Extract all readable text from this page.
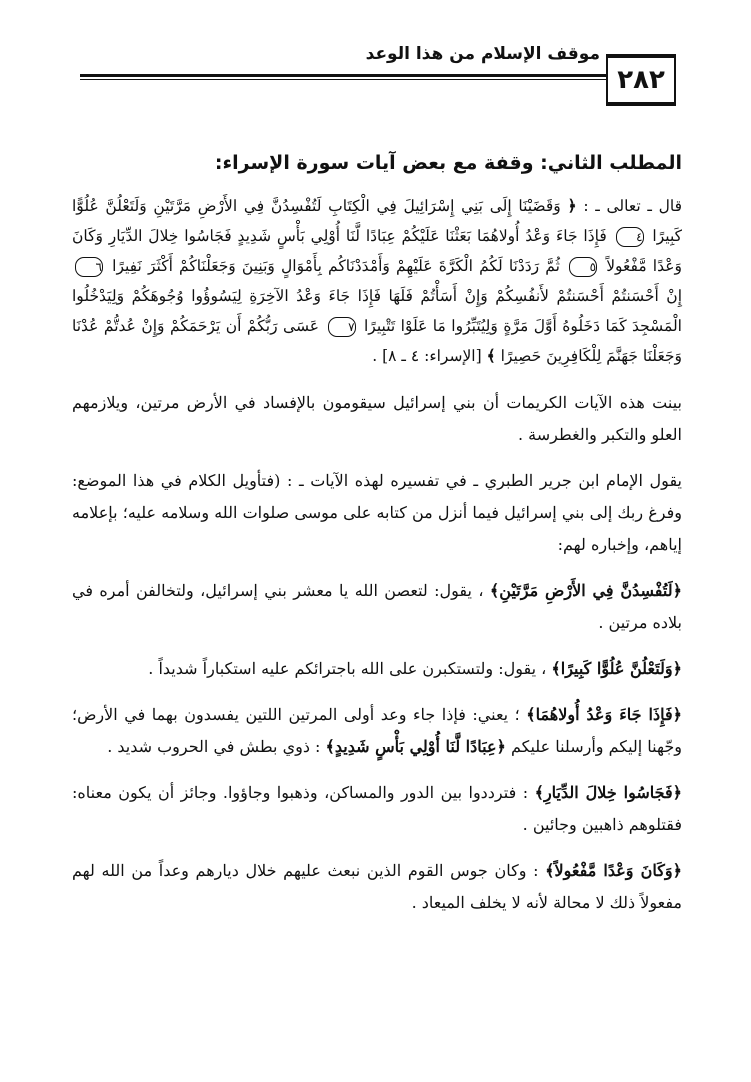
موقف الإسلام من هذا الوعد
٢٨٢
المطلب الثاني: وقفة مع بعض آيات سورة الإسراء:

قال ـ تعالى ـ : ﴿ وَقَضَيْنَا إِلَى بَنِي إِسْرَائِيلَ فِي الْكِتَابِ لَتُفْسِدُنَّ فِي الأَرْضِ مَرَّتَيْنِ وَلَتَعْلُنَّ عُلُوًّا كَبِيرًا ٤ فَإِذَا جَاءَ وَعْدُ أُولاهُمَا بَعَثْنَا عَلَيْكُمْ عِبَادًا لَّنَا أُوْلِي بَأْسٍ شَدِيدٍ فَجَاسُوا خِلالَ الدِّيَارِ وَكَانَ وَعْدًا مَّفْعُولاً ٥ ثُمَّ رَدَدْنَا لَكُمُ الْكَرَّةَ عَلَيْهِمْ وَأَمْدَدْنَاكُم بِأَمْوَالٍ وَبَنِينَ وَجَعَلْنَاكُمْ أَكْثَرَ نَفِيرًا ٦ إِنْ أَحْسَنتُمْ أَحْسَنتُمْ لأَنفُسِكُمْ وَإِنْ أَسَأْتُمْ فَلَهَا فَإِذَا جَاءَ وَعْدُ الآخِرَةِ لِيَسُوؤُوا وُجُوهَكُمْ وَلِيَدْخُلُوا الْمَسْجِدَ كَمَا دَخَلُوهُ أَوَّلَ مَرَّةٍ وَلِيُتَبِّرُوا مَا عَلَوْا تَتْبِيرًا ٧ عَسَى رَبُّكُمْ أَن يَرْحَمَكُمْ وَإِنْ عُدتُّمْ عُدْنَا وَجَعَلْنَا جَهَنَّمَ لِلْكَافِرِينَ حَصِيرًا ﴾ [الإسراء: ٤ ـ ٨] .

بينت هذه الآيات الكريمات أن بني إسرائيل سيقومون بالإفساد في الأرض مرتين، ويلازمهم العلو والتكبر والغطرسة .

يقول الإمام ابن جرير الطبري ـ في تفسيره لهذه الآيات ـ : (فتأويل الكلام في هذا الموضع: وفرغ ربك إلى بني إسرائيل فيما أنزل من كتابه على موسى صلوات الله وسلامه عليه؛ بإعلامه إياهم، وإخباره لهم:

﴿لَتُفْسِدُنَّ فِي الأَرْضِ مَرَّتَيْنِ﴾ ، يقول: لتعصن الله يا معشر بني إسرائيل، ولتخالفن أمره في بلاده مرتين .

﴿وَلَتَعْلُنَّ عُلُوًّا كَبِيرًا﴾ ، يقول: ولتستكبرن على الله باجترائكم عليه استكباراً شديداً .

﴿فَإِذَا جَاءَ وَعْدُ أُولاهُمَا﴾ ؛ يعني: فإذا جاء وعد أولى المرتين اللتين يفسدون بهما في الأرض؛ وجّهنا إليكم وأرسلنا عليكم ﴿عِبَادًا لَّنَا أُوْلِي بَأْسٍ شَدِيدٍ﴾ : ذوي بطش في الحروب شديد .

﴿فَجَاسُوا خِلالَ الدِّيَارِ﴾ : فترددوا بين الدور والمساكن، وذهبوا وجاؤوا. وجائز أن يكون معناه: فقتلوهم ذاهبين وجائين .

﴿وَكَانَ وَعْدًا مَّفْعُولاً﴾ : وكان جوس القوم الذين نبعث عليهم خلال ديارهم وعداً من الله لهم مفعولاً ذلك لا محالة لأنه لا يخلف الميعاد .
